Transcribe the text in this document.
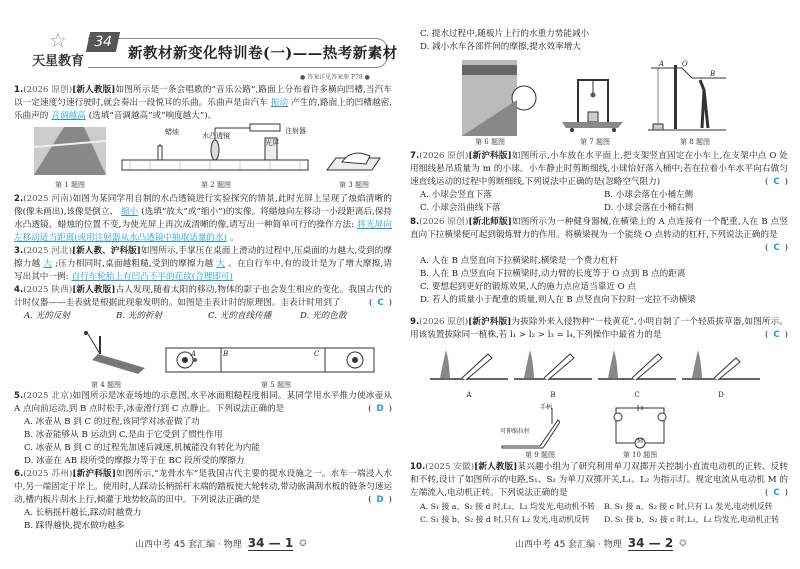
☆
天星教育
34
新教材新变化特训卷(一)——热考新素材
● 答案详见答案册 P78 ●
1.(2026 原创)[新人教版]如图所示是一条会唱歌的“音乐公路”,路面上分布着许多横向凹槽,当汽车以一定速度匀速行驶时,就会奏出一段悦耳的乐曲。乐曲声是由汽车 振动 产生的,路面上的凹槽越密,乐曲声的 音调越高 (选填“音调越高”或“响度越大”)。
第 1 题图
蜡烛	水凸透镜
注射器
光屏
第 2 题图	第 3 题图
2.(2025 河南)如图为某同学用自制的水凸透镜进行实验探究的情景,此时光屏上呈现了烛焰清晰的像(像未画出),该像是倒立、 缩小 (选填“放大”或“缩小”)的实像。将蜡烛向左移动一小段距离后,保持水凸透镜、蜡烛的位置不变,为使光屏上再次成清晰的像,请写出一种简单可行的操作方法: 将光屏向左移动适当距离(或用注射器从水凸透镜中抽取适量的水) 。
3.(2025 河北)[新人教、沪科版]如图所示,手掌压在桌面上滑动的过程中,压桌面的力越大,受到的摩擦力越 大 ;压力相同时,桌面越粗糙,受到的摩擦力越 大 。在自行车中,有的设计是为了增大摩擦,请写出其中一例: 自行车轮胎上有凹凸不平的花纹(合理即可)
4.(2025 陕西)[新人教版]古人发现,随着太阳的移动,物体的影子也会发生相应的变化。我国古代的计时仪器——圭表就是根据此现象发明的。如图是圭表计时的原理图。圭表计时用到了	( C )
A. 光的反射	B. 光的折射	C. 光的直线传播	D. 光的色散
第 4 题图
A	B	C
第 5 题图
5.(2025 北京)如图所示是冰壶场地的示意图,水平冰面粗糙程度相同。某同学用水平推力使冰壶从 A 点向前运动,到 B 点时松手,冰壶滑行到 C 点静止。下列说法正确的是	( D )
A. 冰壶从 B 到 C 的过程,该同学对冰壶做了功
B. 冰壶能够从 B 运动到 C,是由于它受到了惯性作用
C. 冰壶从 B 到 C 的过程先加速后减速,机械能没有转化为内能
D. 冰壶在 AB 段所受的摩擦力等于在 BC 段所受的摩擦力
6.(2025 苏州)[新沪科版]如图所示,“龙骨水车”是我国古代主要的提水设施之一。水车一端浸入水中,另一端固定于岸上。使用时,人踩动长柄摇杆末端的踏板使大轮转动,带动嵌满刮水板的链条匀速运动,槽内板片刮水上行,倾灌于地势较高的田中。下列说法正确的是	( D )
A. 长柄摇杆越长,踩动时越费力
B. 踩得越快,提水做功越多
山西中考 45 套汇编 · 物理 34 — 1 ✪
C. 提水过程中,随板片上行的水重力势能减小
D. 减小水车各部件间的摩擦,提水效率增大
第 6 题图	第 7 题图
A	O
B
第 8 题图
7.(2026 原创)[新沪科版]如图所示,小车放在水平面上,把支架竖直固定在小车上,在支架中点 O 处用细线悬吊质量为 m 的小球。小车静止时剪断细线,小球恰好落入桶中;若在拉着小车水平向右做匀速直线运动的过程中剪断细线,下列说法中正确的是(忽略空气阻力)	( C )
A. 小球会竖直下落	B. 小球会落在小桶左侧
C. 小球会沿曲线下落	D. 小球会落在小桶右侧
8.(2026 原创)[新北师版]如图所示为一种健身器械,在横梁上的 A 点连接有一个配重,人在 B 点竖直向下拉横梁便可起到锻炼臂力的作用。将横梁视为一个能绕 O 点转动的杠杆,下列说法正确的是
( C )
A. 人在 B 点竖直向下拉横梁时,横梁是一个费力杠杆
B. 人在 B 点竖直向下拉横梁时,动力臂的长度等于 O 点到 B 点的距离
C. 要想起到更好的锻炼效果,人的施力点应适当靠近 O 点
D. 若人的质量小于配重的质量,则人在 B 点竖直向下拉时一定拉不动横梁
9.(2026 原创)[新沪科版]为拔除外来入侵物种“一枝黄花”,小明自制了一个轻质拔草器,如图所示。用该装置拔除同一植株,若 l₁ > l₂ > l₃ = l₄,下列操作中最省力的是	( C )
A	B	C	D
手柄
可伸缩拉杆
第 9 题图
M
第 10 题图
10.(2025 安徽)[新人教版]某兴趣小组为了研究利用单刀双掷开关控制小直流电动机的正转、反转和不转,设计了如图所示的电路,S₁、S₂ 为单刀双掷开关,L₁、L₂ 为指示灯。规定电流从电动机 M 的左端流入,电动机正转。下列说法正确的是	( C )
A. S₁ 接 a、S₂ 接 d 时,L₁、L₂ 均发光,电动机不转	B. S₁ 接 a、S₂ 接 c 时,只有 L₁ 发光,电动机反转
C. S₁ 接 b、S₂ 接 d 时,只有 L₂ 发光,电动机反转	D. S₁ 接 b、S₂ 接 c 时,L₁、L₂ 均发光,电动机正转
山西中考 45 套汇编 · 物理 34 — 2 ✪
